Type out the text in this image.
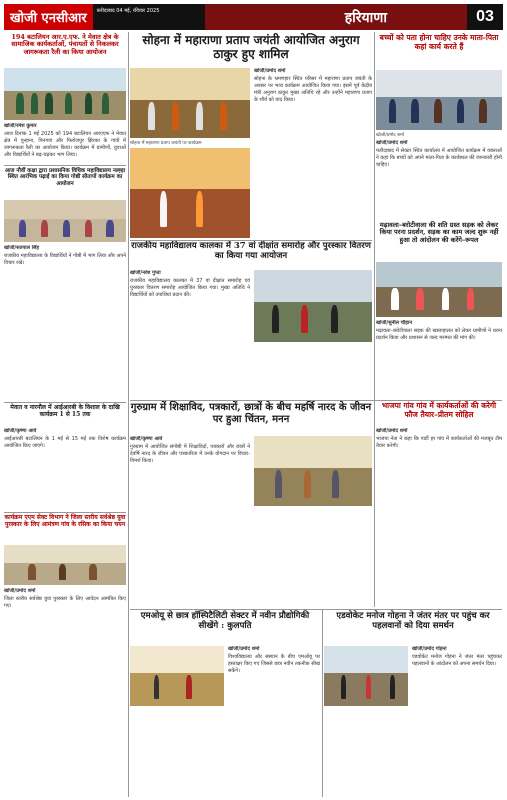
खोजी एनसीआर	फ़रीदाबाद 04 मई, रविवार 2025	हरियाणा	03
194 बटालियन आर.ए.एफ. ने मेवात क्षेत्र के सामाजिक कार्यकर्ताओं, पंचायतों से निकलकर जागरूकता रैली का किया आयोजन
खोजी/रमेश कुमार
आज दिनांक 1 मई 2025 को 194 बटालियन आरएएफ ने मेवात क्षेत्र में पुन्हाना, पिनगवां और फिरोजपुर झिरका के गांवों में जागरूकता रैली का आयोजन किया। कार्यक्रम में ग्रामीणों, युवाओं और विद्यार्थियों ने बढ़-चढ़कर भाग लिया।
आज नौवीं कक्षा द्वारा प्रशासनिक विधिक महाविद्यालय नल्ह्ड़ा स्थित आरंभिक पढ़ाई का किया गोष्ठी सीतापों कार्यक्रम का आयोजन
खोजी/सतपाल सिंह
राजकीय महाविद्यालय के विद्यार्थियों ने गोष्ठी में भाग लिया और अपने विचार रखे।
मेवात व नारनौल में आईआरबी के विशाल के दाखि कार्यक्रम 1 से 15 तक
खोजी/कृष्णा आर्य
आईआरबी बटालियन के 1 मई से 15 मई तक विशेष कार्यक्रम आयोजित किए जाएंगे।
कार्यक्रम एएम सेक्ट विभाग ने जिला स्तरीय सर्वश्रेष्ठ युवा पुरस्कार के लिए आमंत्रण गांव के रसिक का किया चयन
खोजी/प्रमोद शर्मा
जिला स्तरीय सर्वश्रेष्ठ युवा पुरस्कार के लिए आवेदन आमंत्रित किए गए।
सोहना में महाराणा प्रताप जयंती आयोजित अनुराग ठाकुर हुए शामिल
सोहना में महाराणा प्रताप जयंती पर कार्यक्रम
खोजी/प्रमोद शर्मा
सोहना के भ्रमणहार स्थित परिसर में महाराणा प्रताप जयंती के अवसर पर भव्य कार्यक्रम आयोजित किया गया। इसमें पूर्व केंद्रीय मंत्री अनुराग ठाकुर मुख्य अतिथि रहे और उन्होंने महाराणा प्रताप के शौर्य को याद किया।
बच्चों को पता होना चाहिए उनके माता-पिता कहां कार्य करते हैं
खोजी/प्रमोद शर्मा
खोजी/प्रमोद शर्मा
फरीदाबाद में सेक्टर स्थित कार्यालय में आयोजित कार्यक्रम में वक्ताओं ने कहा कि बच्चों को अपने माता-पिता के कार्यस्थल की जानकारी होनी चाहिए।
राजकीय महाविद्यालय कालका में 37 वां दीक्षांत समारोह और पुरस्कार वितरण का किया गया आयोजन
खोजी/नरेश गुप्ता
राजकीय महाविद्यालय कालका में 37 वां दीक्षांत समारोह एवं पुरस्कार वितरण समारोह आयोजित किया गया। मुख्य अतिथि ने विद्यार्थियों को उपाधियां प्रदान कीं।
मढ़ावला–बरोटीवाला की शति ग्रस्त सड़क को लेकर किया परना प्रदर्शन, सड़क का काम जल्द शुरू नहीं हुआ तो आंदोलन की करेंगे–रूपल
खोजी/सुनील चौहान
मढ़ावला–बरोटीवाला सड़क की खस्ताहालत को लेकर ग्रामीणों ने धरना प्रदर्शन किया और प्रशासन से जल्द मरम्मत की मांग की।
गुरुग्राम में शिक्षाविद, पत्रकारों, छात्रों के बीच महर्षि नारद के जीवन पर हुआ चिंतन, मनन
खोजी/कृष्णा आर्य
गुरुग्राम में आयोजित संगोष्ठी में शिक्षाविदों, पत्रकारों और छात्रों ने देवर्षि नारद के जीवन और पत्रकारिता में उनके योगदान पर विचार-विमर्श किया।
भाजपा गांव गांव में कार्यकर्ताओं की करेगी फौज तैयार–प्रीतम सोहिल
खोजी/प्रमोद शर्मा
भाजपा नेता ने कहा कि पार्टी हर गांव में कार्यकर्ताओं की मजबूत टीम तैयार करेगी।
एमओयू से छात्र हॉस्पिटैलिटी सेक्टर में नवीन प्रौद्योगिकी सीखेंगे : कुलपति
खोजी/प्रमोद शर्मा
विश्वविद्यालय और संस्थान के बीच एमओयू पर हस्ताक्षर किए गए जिससे छात्र नवीन तकनीक सीख सकेंगे।
एडवोकेट मनोज गोहना ने जंतर मंतर पर पहुंच कर पहलवानों को दिया समर्थन
खोजी/प्रमोद गोहना
एडवोकेट मनोज गोहना ने जंतर मंतर पहुंचकर पहलवानों के आंदोलन को अपना समर्थन दिया।
